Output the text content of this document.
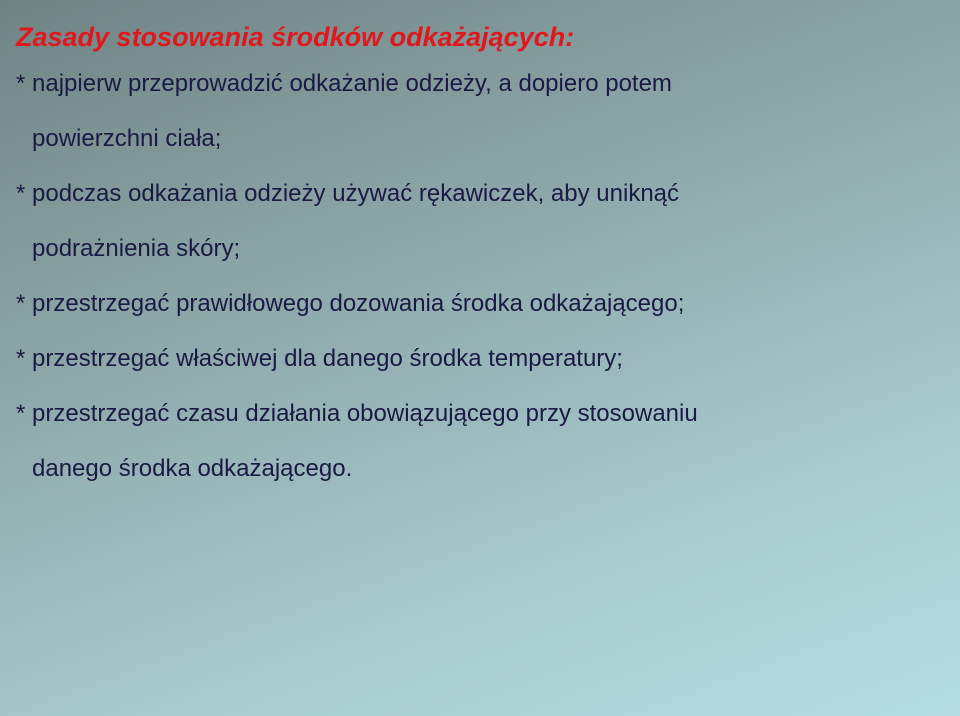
Zasady stosowania środków odkażających:
* najpierw przeprowadzić odkażanie odzieży, a dopiero potem
powierzchni ciała;
* podczas odkażania odzieży używać rękawiczek, aby uniknąć
podrażnienia skóry;
* przestrzegać prawidłowego dozowania środka odkażającego;
* przestrzegać właściwej dla danego środka temperatury;
* przestrzegać czasu działania obowiązującego przy stosowaniu
danego środka odkażającego.
